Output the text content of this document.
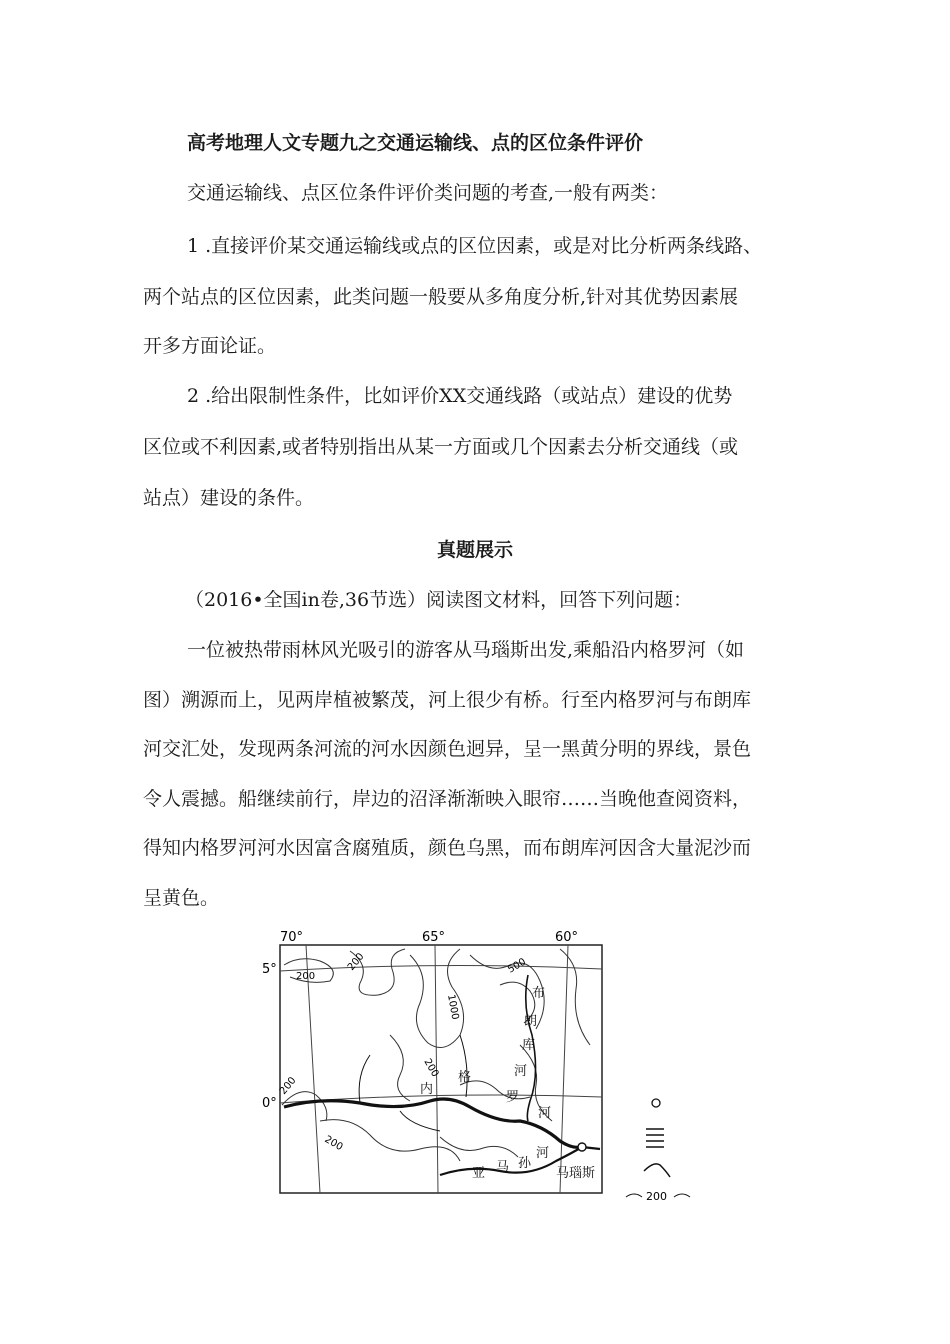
高考地理人文专题九之交通运输线、点的区位条件评价
交通运输线、点区位条件评价类问题的考查,一般有两类：
1 .直接评价某交通运输线或点的区位因素，或是对比分析两条线路、
两个站点的区位因素，此类问题一般要从多角度分析,针对其优势因素展
开多方面论证。
2 .给出限制性条件，比如评价XX交通线路（或站点）建设的优势
区位或不利因素,或者特别指出从某一方面或几个因素去分析交通线（或
站点）建设的条件。
真题展示
（2016•全国in卷,36节选）阅读图文材料，回答下列问题：
一位被热带雨林风光吸引的游客从马瑙斯出发,乘船沿内格罗河（如
图）溯源而上，见两岸植被繁茂，河上很少有桥。行至内格罗河与布朗库
河交汇处，发现两条河流的河水因颜色迥异，呈一黑黄分明的界线，景色
令人震撼。船继续前行，岸边的沼泽渐渐映入眼帘……当晚他查阅资料，
得知内格罗河河水因富含腐殖质，颜色乌黑，而布朗库河因含大量泥沙而
呈黄色。
70°	65°	60°
5°
0°
200
200	500
1000
200
200
200
内
格
罗
河
布
朗
库
河
亚 马 孙
河
马瑙斯
200
